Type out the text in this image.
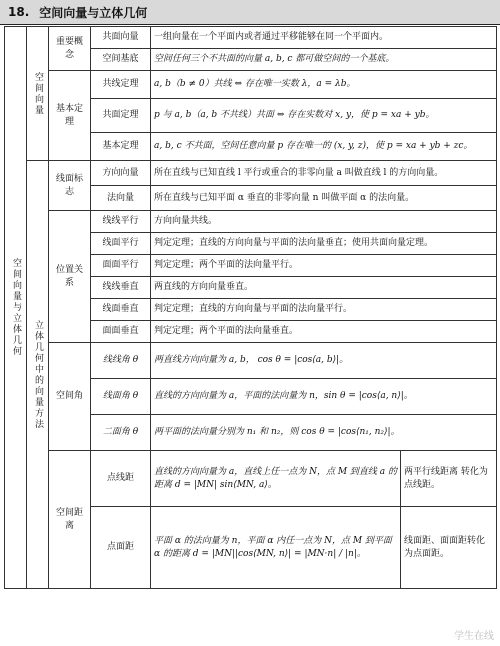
18. 空间向量与立体几何
空间向量与立体几何	空间向量	重要概念	共面向量	一组向量在一个平面内或者通过平移能够在同一个平面内。	
			空间基底	空间任何三个不共面的向量 a, b, c 都可做空间的一个基底。	
		基本定理	共线定理	a, b（b ≠ 0）共线 ⇔ 存在唯一实数 λ，a = λb。	
			共面定理	p 与 a, b（a, b 不共线）共面 ⇔ 存在实数对 x, y，使 p = xa + yb。	
			基本定理	a, b, c 不共面，空间任意向量 p 存在唯一的 (x, y, z)，使 p = xa + yb + zc。	
	立体几何中的向量方法	线面标志	方向向量	所在直线与已知直线 l 平行或重合的非零向量 a 叫做直线 l 的方向向量。	
			法向量	所在直线与已知平面 α 垂直的非零向量 n 叫做平面 α 的法向量。	
		位置关系	线线平行	方向向量共线。	
			线面平行	判定定理；直线的方向向量与平面的法向量垂直；使用共面向量定理。	
			面面平行	判定定理；两个平面的法向量平行。	
			线线垂直	两直线的方向向量垂直。	
			线面垂直	判定定理；直线的方向向量与平面的法向量平行。	
			面面垂直	判定定理；两个平面的法向量垂直。	
		空间角	线线角 θ	两直线方向向量为 a, b， cos θ = |cos⟨a, b⟩|。	
			线面角 θ	直线的方向向量为 a，平面的法向量为 n，sin θ = |cos⟨a, n⟩|。	
			二面角 θ	两平面的法向量分别为 n₁ 和 n₂，则 cos θ = |cos⟨n₁, n₂⟩|。	
		空间距离	点线距	直线的方向向量为 a，直线上任一点为 N，点 M 到直线 a 的距离 d = |MN| sin⟨MN, a⟩。	两平行线距离 转化为点线距。
			点面距	平面 α 的法向量为 n，平面 α 内任一点为 N，点 M 到平面 α 的距离 d = |MN||cos⟨MN, n⟩| = |MN·n| / |n|。	线面距、面面距转化为点面距。
学生在线
